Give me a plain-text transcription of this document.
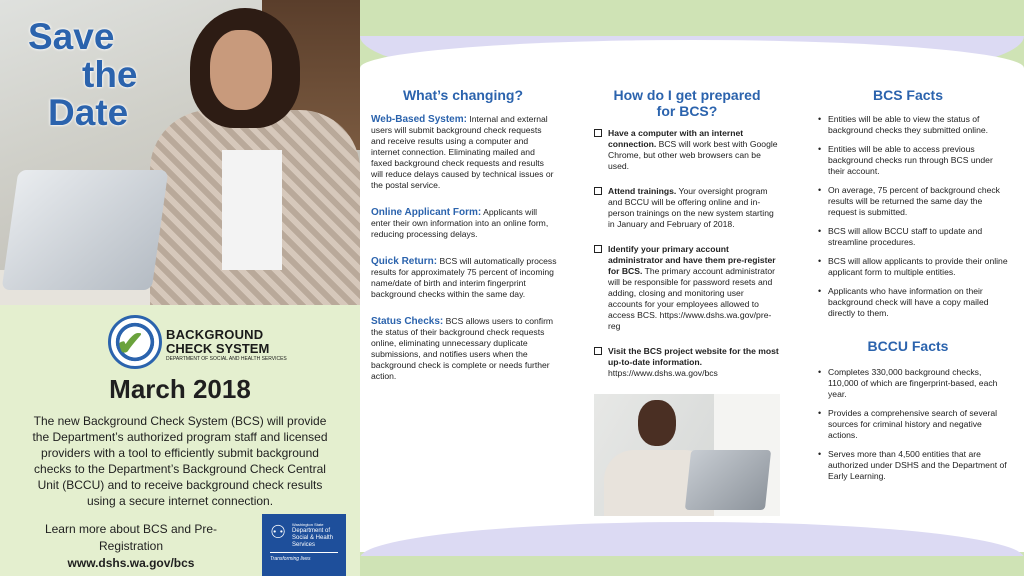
Save
the
Date
✔ BACKGROUND
CHECK SYSTEM
DEPARTMENT OF SOCIAL AND HEALTH SERVICES
March 2018
The new Background Check System (BCS) will provide the Department’s authorized program staff and licensed providers with a tool to efficiently submit background checks to the Department’s Background Check Central Unit (BCCU) and to receive background check results using a secure internet connection.
Learn more about BCS and Pre-Registration
www.dshs.wa.gov/bcs
⚇ Washington State
Department of Social & Health Services
Transforming lives
What’s changing?
Web-Based System: Internal and external users will submit background check requests and receive results using a computer and internet connection. Eliminating mailed and faxed background check requests and results will reduce delays caused by technical issues or the postal service.
Online Applicant Form: Applicants will enter their own information into an online form, reducing processing delays.
Quick Return: BCS will automatically process results for approximately 75 percent of incoming name/date of birth and interim fingerprint background checks within the same day.
Status Checks: BCS allows users to confirm the status of their background check requests online, eliminating unnecessary duplicate submissions, and notifies users when the background check is complete or needs further action.
How do I get prepared for BCS?
Have a computer with an internet connection. BCS will work best with Google Chrome, but other web browsers can be used.
Attend trainings. Your oversight program and BCCU will be offering online and in-person trainings on the new system starting in January and February of 2018.
Identify your primary account administrator and have them pre-register for BCS. The primary account administrator will be responsible for password resets and adding, closing and monitoring user accounts for your employees allowed to access BCS. https://www.dshs.wa.gov/pre-reg
Visit the BCS project website for the most up-to-date information. https://www.dshs.wa.gov/bcs
BCS Facts
• Entities will be able to view the status of background checks they submitted online.
• Entities will be able to access previous background checks run through BCS under their account.
• On average, 75 percent of background check results will be returned the same day the request is submitted.
• BCS will allow BCCU staff to update and streamline procedures.
• BCS will allow applicants to provide their online applicant form to multiple entities.
• Applicants who have information on their background check will have a copy mailed directly to them.
BCCU Facts
• Completes 330,000 background checks, 110,000 of which are fingerprint-based, each year.
• Provides a comprehensive search of several sources for criminal history and negative actions.
• Serves more than 4,500 entities that are authorized under DSHS and the Department of Early Learning.
